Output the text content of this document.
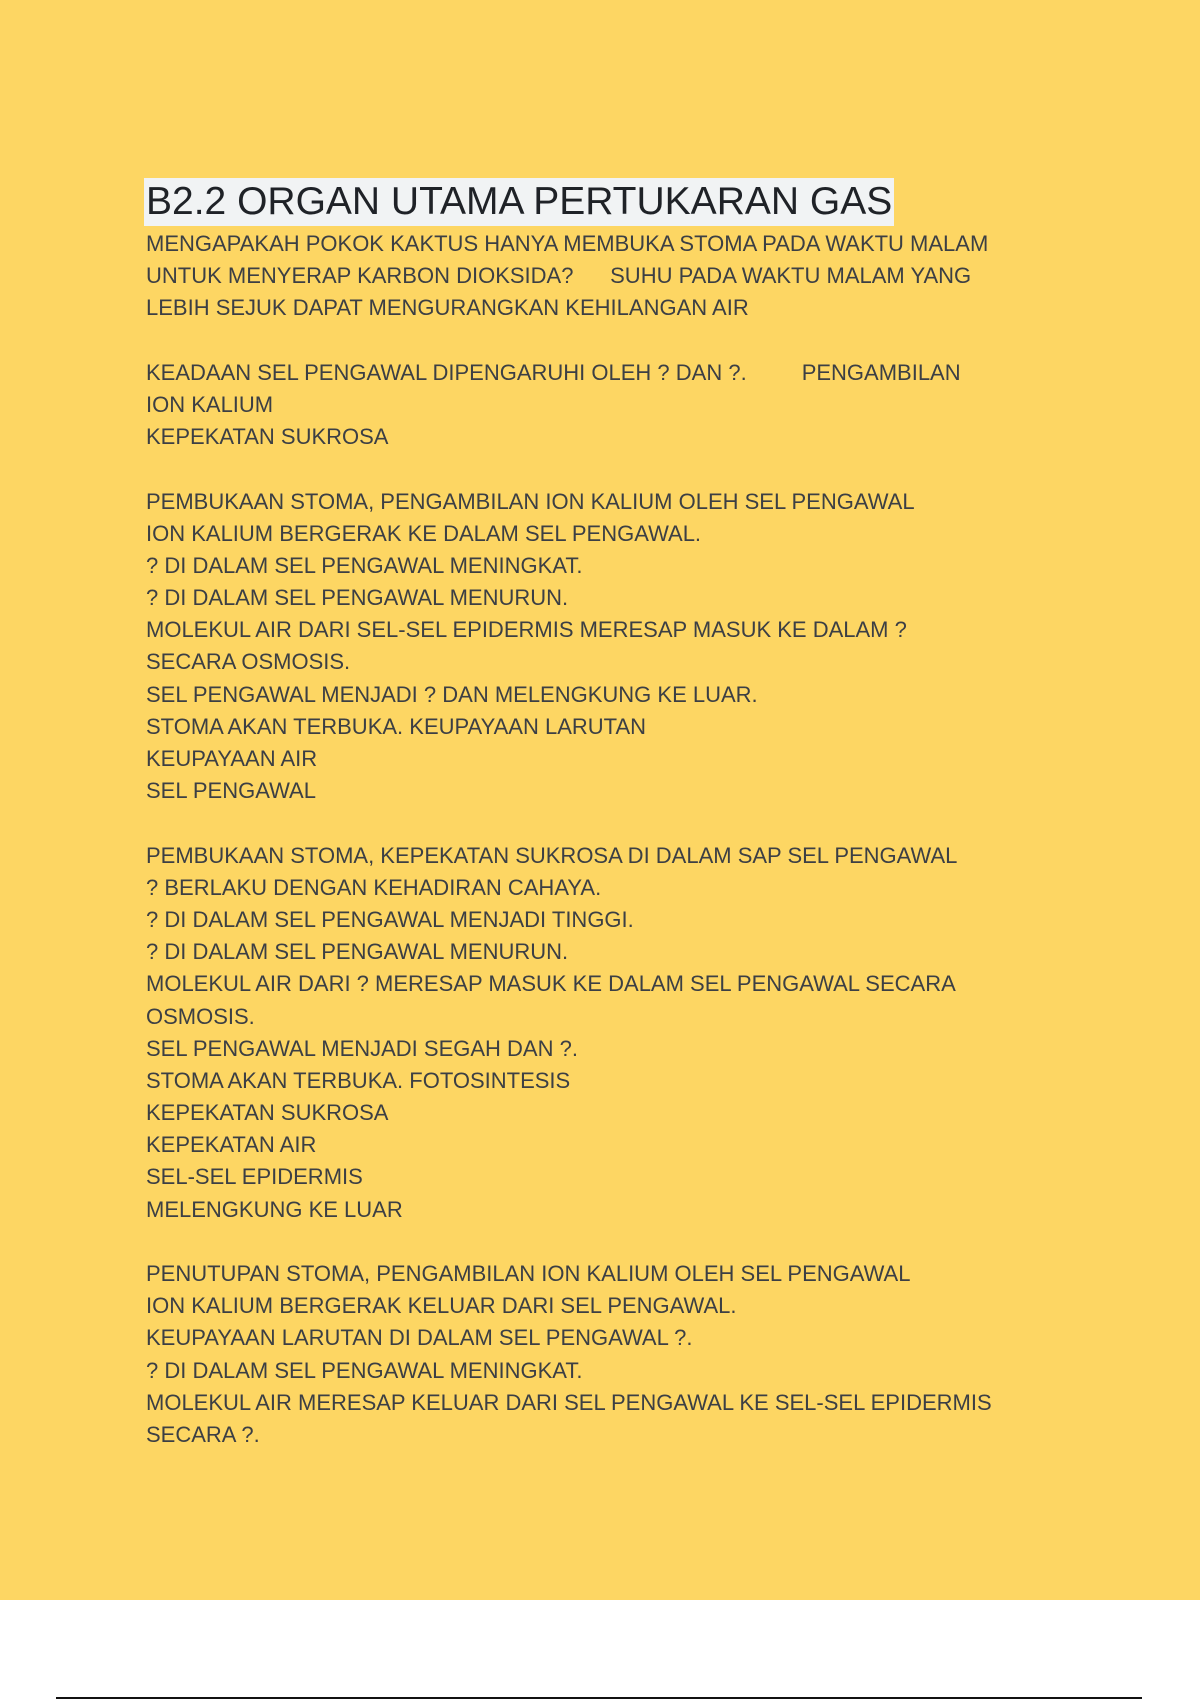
B2.2 ORGAN UTAMA PERTUKARAN GAS
MENGAPAKAH POKOK KAKTUS HANYA MEMBUKA STOMA PADA WAKTU MALAM
UNTUK MENYERAP KARBON DIOKSIDA?      SUHU PADA WAKTU MALAM YANG
LEBIH SEJUK DAPAT MENGURANGKAN KEHILANGAN AIR
KEADAAN SEL PENGAWAL DIPENGARUHI OLEH ? DAN ?.         PENGAMBILAN
ION KALIUM
KEPEKATAN SUKROSA
PEMBUKAAN STOMA, PENGAMBILAN ION KALIUM OLEH SEL PENGAWAL
ION KALIUM BERGERAK KE DALAM SEL PENGAWAL.
? DI DALAM SEL PENGAWAL MENINGKAT.
? DI DALAM SEL PENGAWAL MENURUN.
MOLEKUL AIR DARI SEL-SEL EPIDERMIS MERESAP MASUK KE DALAM ?
SECARA OSMOSIS.
SEL PENGAWAL MENJADI ? DAN MELENGKUNG KE LUAR.
STOMA AKAN TERBUKA. KEUPAYAAN LARUTAN
KEUPAYAAN AIR
SEL PENGAWAL
PEMBUKAAN STOMA, KEPEKATAN SUKROSA DI DALAM SAP SEL PENGAWAL
? BERLAKU DENGAN KEHADIRAN CAHAYA.
? DI DALAM SEL PENGAWAL MENJADI TINGGI.
? DI DALAM SEL PENGAWAL MENURUN.
MOLEKUL AIR DARI ? MERESAP MASUK KE DALAM SEL PENGAWAL SECARA
OSMOSIS.
SEL PENGAWAL MENJADI SEGAH DAN ?.
STOMA AKAN TERBUKA. FOTOSINTESIS
KEPEKATAN SUKROSA
KEPEKATAN AIR
SEL-SEL EPIDERMIS
MELENGKUNG KE LUAR
PENUTUPAN STOMA, PENGAMBILAN ION KALIUM OLEH SEL PENGAWAL
ION KALIUM BERGERAK KELUAR DARI SEL PENGAWAL.
KEUPAYAAN LARUTAN DI DALAM SEL PENGAWAL ?.
? DI DALAM SEL PENGAWAL MENINGKAT.
MOLEKUL AIR MERESAP KELUAR DARI SEL PENGAWAL KE SEL-SEL EPIDERMIS
SECARA ?.
